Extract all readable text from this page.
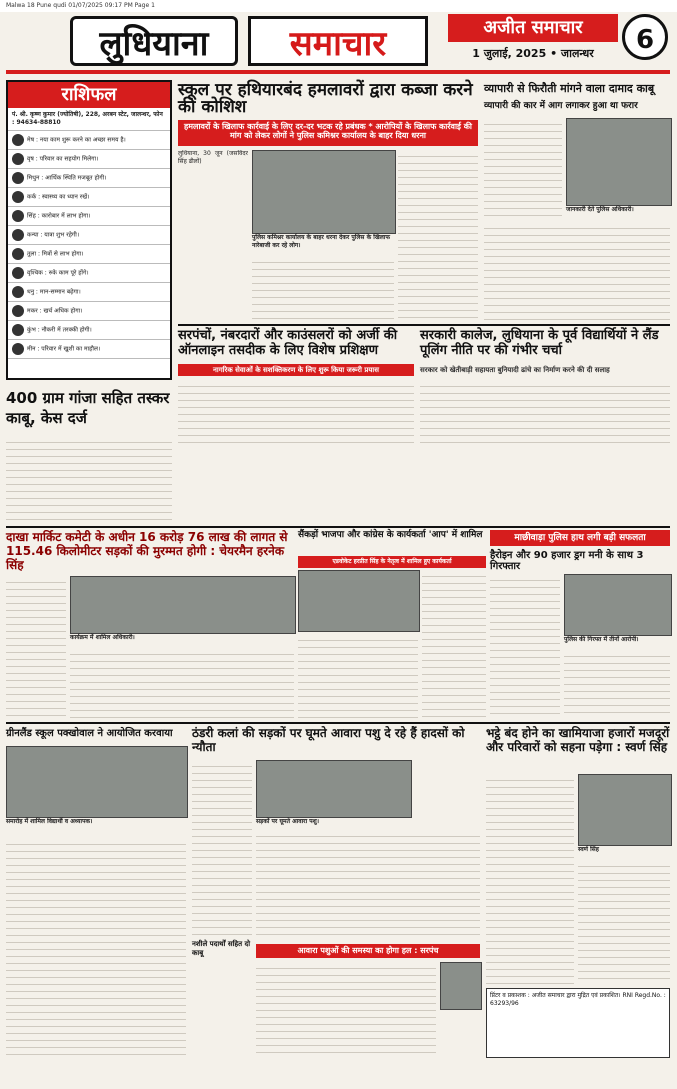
Malwa 18 Pune qudi 01/07/2025 09:17 PM Page 1
लुधियाना	समाचार	अजीत समाचार
1 जुलाई, 2025 • जालन्धर	6
राशिफल
पं. श्री. कृष्ण कुमार (ज्योतिषी), 228, अरबन स्टेट, जालन्धर, फोन : 94634-88810
मेष : नया काम शुरू करने का अच्छा समय है।
वृष : परिवार का सहयोग मिलेगा।
मिथुन : आर्थिक स्थिति मजबूत होगी।
कर्क : स्वास्थ्य का ध्यान रखें।
सिंह : कारोबार में लाभ होगा।
कन्या : यात्रा शुभ रहेगी।
तुला : मित्रों से लाभ होगा।
वृश्चिक : रुके काम पूरे होंगे।
धनु : मान-सम्मान बढ़ेगा।
मकर : खर्च अधिक होगा।
कुंभ : नौकरी में तरक्की होगी।
मीन : परिवार में खुशी का माहौल।
स्कूल पर हथियारबंद हमलावरों द्वारा कब्जा करने की कोशिश
हमलावरों के खिलाफ कार्रवाई के लिए दर-दर भटक रहे प्रबंधक * आरोपियों के खिलाफ कार्रवाई की मांग को लेकर लोगों ने पुलिस कमिश्नर कार्यालय के बाहर दिया धरना
लुधियाना, 30 जून (जसविंदर सिंह ढीलों)
पुलिस कमिश्नर कार्यालय के बाहर धरना देकर पुलिस के खिलाफ नारेबाजी कर रहे लोग।
व्यापारी से फिरौती मांगने वाला दामाद काबू
व्यापारी की कार में आग लगाकर हुआ था फरार
जानकारी देते पुलिस अधिकारी।
सरपंचों, नंबरदारों और काउंसलरों को अर्जी की ऑनलाइन तसदीक के लिए विशेष प्रशिक्षण
नागरिक सेवाओं के सशक्तिकरण के लिए शुरू किया जरूरी प्रयास
सरकारी कालेज, लुधियाना के पूर्व विद्यार्थियों ने लैंड पूलिंग नीति पर की गंभीर चर्चा
सरकार को खेतीबाड़ी सहायता बुनियादी ढांचे का निर्माण करने की दी सलाह
400 ग्राम गांजा सहित तस्कर काबू, केस दर्ज
दाखा मार्किट कमेटी के अधीन 16 करोड़ 76 लाख की लागत से 115.46 किलोमीटर सड़कों की मुरम्मत होगी : चेयरमैन हरनेक सिंह
कार्यक्रम में शामिल अधिकारी।
सैंकड़ों भाजपा और कांग्रेस के कार्यकर्ता 'आप' में शामिल
एडवोकेट हरप्रीत सिंह के नेतृत्व में शामिल हुए कार्यकर्ता
माछीवाड़ा पुलिस हाथ लगी बड़ी सफलता
हैरोइन और 90 हजार ड्रग मनी के साथ 3 गिरफ्तार
पुलिस की गिरफ्त में तीनों आरोपी।
ग्रीनलैंड स्कूल पक्खोवाल ने आयोजित करवाया
समारोह में शामिल विद्यार्थी व अध्यापक।
ठंडरी कलां की सड़कों पर घूमते आवारा पशु दे रहे हैं हादसों को न्यौता
सड़कों पर घूमते आवारा पशु।
आवारा पशुओं की समस्या का होगा हल : सरपंच
भट्ठे बंद होने का खामियाजा हजारों मजदूरों और परिवारों को सहना पड़ेगा : स्वर्ण सिंह
स्वर्ण सिंह
नशीले पदार्थों सहित दो काबू
प्रिंटर व प्रकाशक : अजीत समाचार द्वारा मुद्रित एवं प्रकाशित। RNI Regd.No. : 63293/96
